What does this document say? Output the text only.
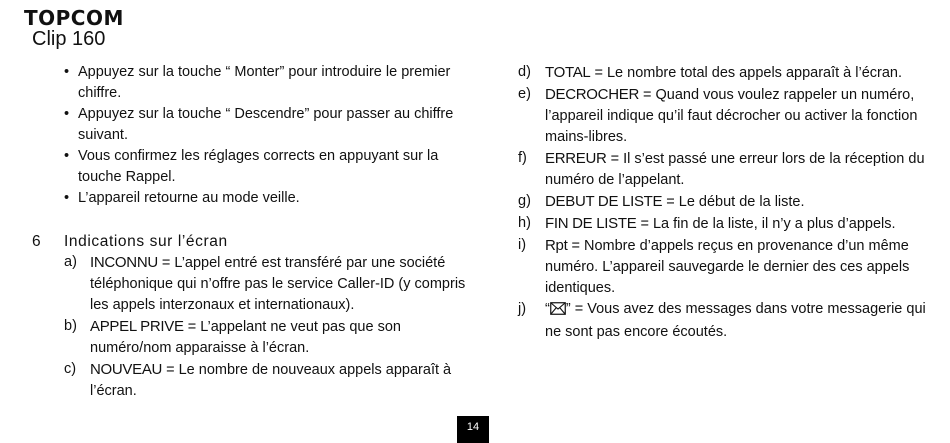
TOPCOM
Clip 160

• Appuyez sur la touche “ Monter” pour introduire le premier chiffre.

• Appuyez sur la touche “ Descendre” pour passer au chiffre suivant.

• Vous confirmez les réglages corrects en appuyant sur la touche Rappel.

• L’appareil retourne au mode veille.

6 Indications sur l’écran

a) INCONNU = L’appel entré est transféré par une société téléphonique qui n’offre pas le service Caller-ID (y compris les appels interzonaux et internationaux).

b) APPEL PRIVE = L’appelant ne veut pas que son numéro/nom apparaisse à l’écran.

c) NOUVEAU = Le nombre de nouveaux appels apparaît à l’écran.

d) TOTAL = Le nombre total des appels apparaît à l’écran.

e) DECROCHER = Quand vous voulez rappeler un numéro, l’appareil indique qu’il faut décrocher ou activer la fonction mains-libres.

f) ERREUR = Il s’est passé une erreur lors de la réception du numéro de l’appelant.

g) DEBUT DE LISTE = Le début de la liste.

h) FIN DE LISTE = La fin de la liste, il n’y a plus d’appels.

i) Rpt = Nombre d’appels reçus en provenance d’un même numéro. L’appareil sauvegarde le dernier des ces appels identiques.

j) “ ” = Vous avez des messages dans votre messagerie qui ne sont pas encore écoutés.

14
